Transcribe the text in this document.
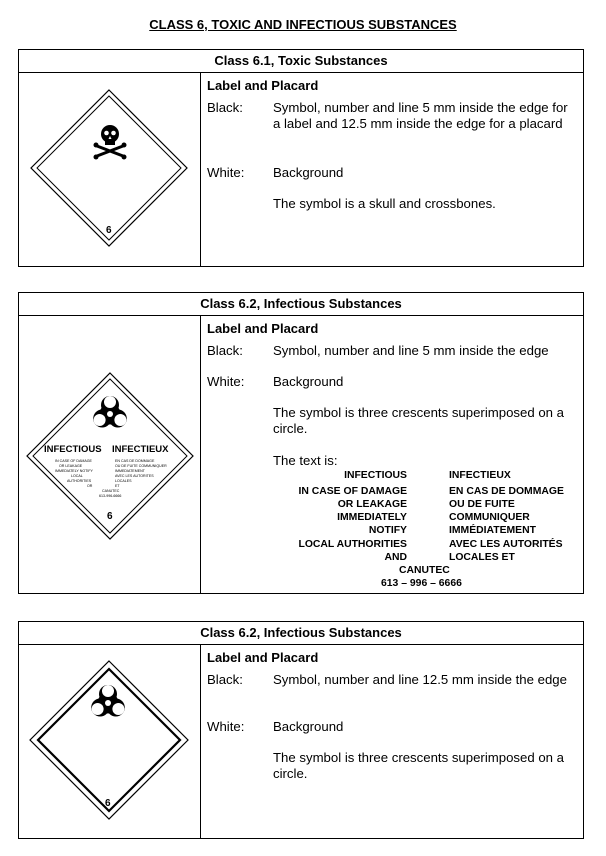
CLASS 6, TOXIC AND INFECTIOUS SUBSTANCES
Class 6.1, Toxic Substances
6
Label and Placard
Black: Symbol, number and line 5 mm inside the edge for a label and 12.5 mm inside the edge for a placard
White: Background
The symbol is a skull and crossbones.
Class 6.2, Infectious Substances
INFECTIOUS INFECTIEUX
IN CASE OF DAMAGE
OR LEAKAGE
IMMEDIATELY NOTIFY
LOCAL
AUTHORITIES
OR
EN CAS DE DOMMAGE
OU DE FUITE COMMUNIQUER
IMMEDIATEMENT
AVEC LES AUTORITES
LOCALES
ET
CANUTEC
613-996-6666
6
Label and Placard
Black: Symbol, number and line 5 mm inside the edge
White: Background
The symbol is three crescents superimposed on a circle.
The text is:
INFECTIOUS
IN CASE OF DAMAGE
OR LEAKAGE
IMMEDIATELY
NOTIFY
LOCAL AUTHORITIES
AND
INFECTIEUX
EN CAS DE DOMMAGE
OU DE FUITE
COMMUNIQUER
IMMÉDIATEMENT
AVEC LES AUTORITÉS
LOCALES ET
CANUTEC
613 – 996 – 6666
Class 6.2, Infectious Substances
6
Label and Placard
Black: Symbol, number and line 12.5 mm inside the edge
White: Background
The symbol is three crescents superimposed on a circle.
